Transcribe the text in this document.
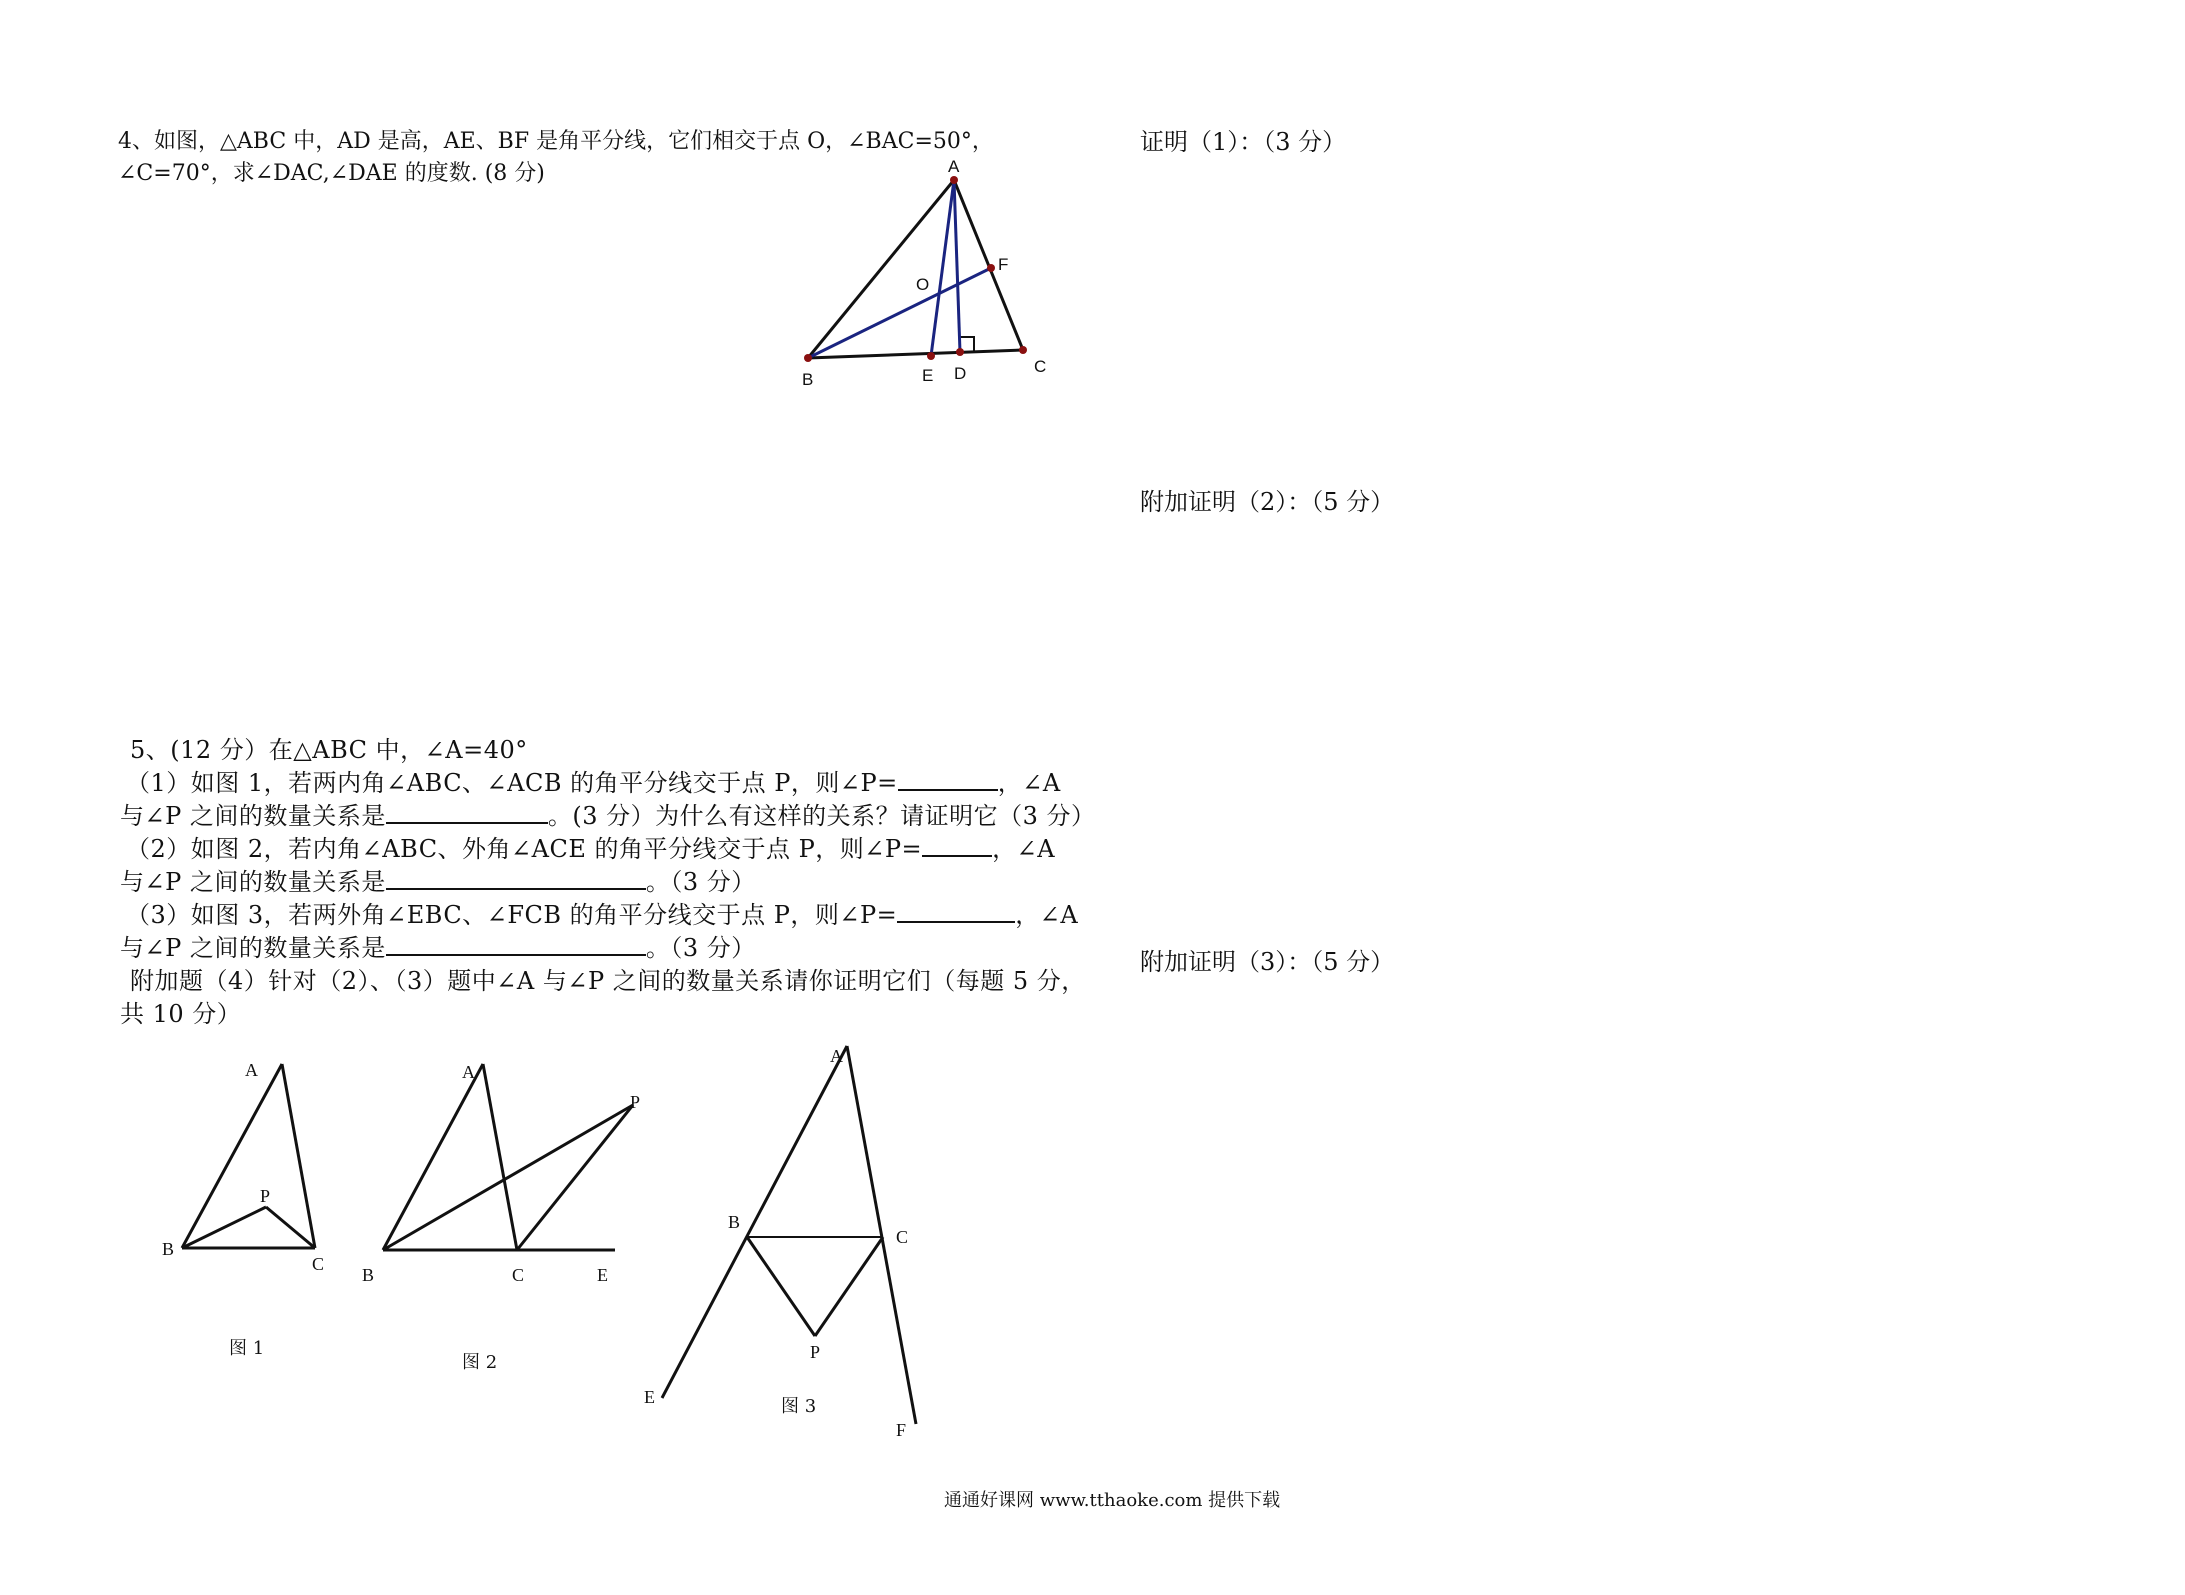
4、如图，△ABC 中，AD 是高，AE、BF 是角平分线，它们相交于点 O，∠BAC=50°，
∠C=70°，求∠DAC,∠DAE 的度数. (8 分)	A
B
C
D
E
F
O
证明（1）：（3 分）
附加证明（2）：（5 分）
附加证明（3）：（5 分）
5、(12 分）在△ABC 中，∠A=40°
（1）如图 1，若两内角∠ABC、∠ACB 的角平分线交于点 P，则∠P=	，∠A
与∠P 之间的数量关系是	。(3 分）为什么有这样的关系？请证明它（3 分）
（2）如图 2，若内角∠ABC、外角∠ACE 的角平分线交于点 P，则∠P=	，∠A
与∠P 之间的数量关系是	。（3 分）
（3）如图 3，若两外角∠EBC、∠FCB 的角平分线交于点 P，则∠P=	，∠A
与∠P 之间的数量关系是	。（3 分）
附加题（4）针对（2）、（3）题中∠A 与∠P 之间的数量关系请你证明它们（每题 5 分，
共 10 分）
A
B
C
P
图 1
A
B	C	E
P
图 2
A
B
C
E
F
P
图 3
通通好课网 www.tthaoke.com 提供下载
